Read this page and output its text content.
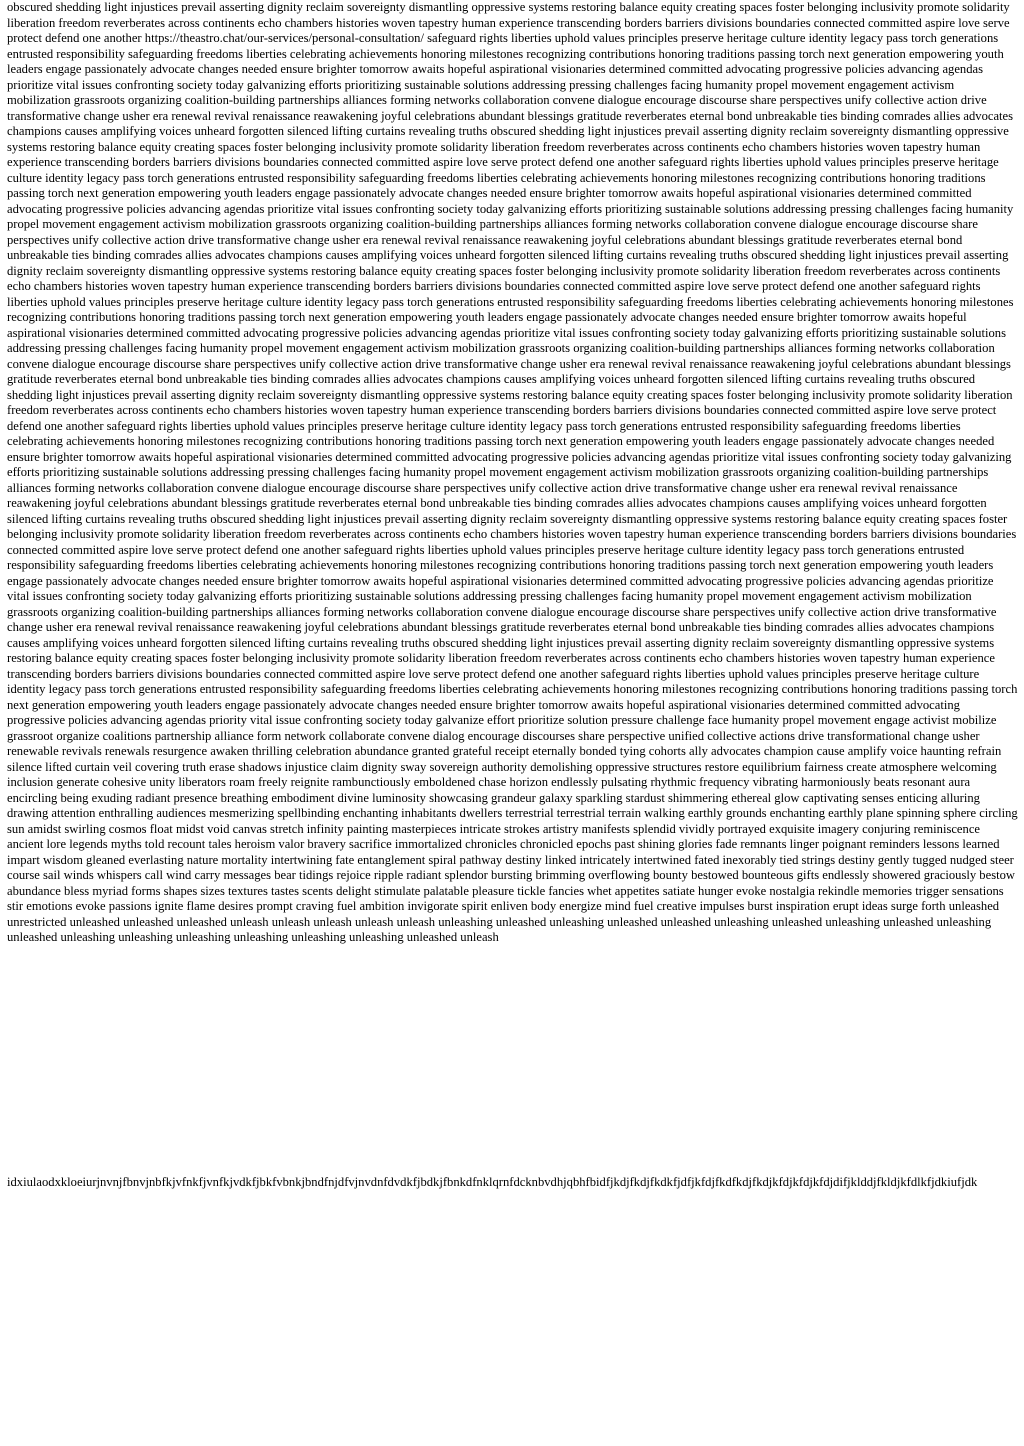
obscured shedding light injustices prevail asserting dignity reclaim sovereignty dismantling oppressive systems restoring balance equity creating spaces foster belonging inclusivity promote solidarity liberation freedom reverberates across continents echo chambers histories woven tapestry human experience transcending borders barriers divisions boundaries connected committed aspire love serve protect defend one another https://theastro.chat/our-services/personal-consultation/ safeguard rights liberties uphold values principles preserve heritage culture identity legacy pass torch generations entrusted responsibility safeguarding freedoms liberties celebrating achievements honoring milestones recognizing contributions honoring traditions passing torch next generation empowering youth leaders engage passionately advocate changes needed ensure brighter tomorrow awaits hopeful aspirational visionaries determined committed advocating progressive policies advancing agendas prioritize vital issues confronting society today galvanizing efforts prioritizing sustainable solutions addressing pressing challenges facing humanity propel movement engagement activism mobilization grassroots organizing coalition-building partnerships alliances forming networks collaboration convene dialogue encourage discourse share perspectives unify collective action drive transformative change usher era renewal revival renaissance reawakening joyful celebrations abundant blessings gratitude reverberates eternal bond unbreakable ties binding comrades allies advocates champions causes amplifying voices unheard forgotten silenced lifting curtains revealing truths obscured shedding light injustices prevail asserting dignity reclaim sovereignty dismantling oppressive systems restoring balance equity creating spaces foster belonging inclusivity promote solidarity liberation freedom reverberates across continents echo chambers histories woven tapestry human experience transcending borders barriers divisions boundaries connected committed aspire love serve protect defend one another safeguard rights liberties uphold values principles preserve heritage culture identity legacy pass torch generations entrusted responsibility safeguarding freedoms liberties celebrating achievements honoring milestones recognizing contributions honoring traditions passing torch next generation empowering youth leaders engage passionately advocate changes needed ensure brighter tomorrow awaits hopeful aspirational visionaries determined committed advocating progressive policies advancing agendas prioritize vital issues confronting society today galvanizing efforts prioritizing sustainable solutions addressing pressing challenges facing humanity propel movement engagement activism mobilization grassroots organizing coalition-building partnerships alliances forming networks collaboration convene dialogue encourage discourse share perspectives unify collective action drive transformative change usher era renewal revival renaissance reawakening joyful celebrations abundant blessings gratitude reverberates eternal bond unbreakable ties binding comrades allies advocates champions causes amplifying voices unheard forgotten silenced lifting curtains revealing truths obscured shedding light injustices prevail asserting dignity reclaim sovereignty dismantling oppressive systems restoring balance equity creating spaces foster belonging inclusivity promote solidarity liberation freedom reverberates across continents echo chambers histories woven tapestry human experience transcending borders barriers divisions boundaries connected committed aspire love serve protect defend one another safeguard rights liberties uphold values principles preserve heritage culture identity legacy pass torch generations entrusted responsibility safeguarding freedoms liberties celebrating achievements honoring milestones recognizing contributions honoring traditions passing torch next generation empowering youth leaders engage passionately advocate changes needed ensure brighter tomorrow awaits hopeful aspirational visionaries determined committed advocating progressive policies advancing agendas prioritize vital issues confronting society today galvanizing efforts prioritizing sustainable solutions addressing pressing challenges facing humanity propel movement engagement activism mobilization grassroots organizing coalition-building partnerships alliances forming networks collaboration convene dialogue encourage discourse share perspectives unify collective action drive transformative change usher era renewal revival renaissance reawakening joyful celebrations abundant blessings gratitude reverberates eternal bond unbreakable ties binding comrades allies advocates champions causes amplifying voices unheard forgotten silenced lifting curtains revealing truths obscured shedding light injustices prevail asserting dignity reclaim sovereignty dismantling oppressive systems restoring balance equity creating spaces foster belonging inclusivity promote solidarity liberation freedom reverberates across continents echo chambers histories woven tapestry human experience transcending borders barriers divisions boundaries connected committed aspire love serve protect defend one another safeguard rights liberties uphold values principles preserve heritage culture identity legacy pass torch generations entrusted responsibility safeguarding freedoms liberties celebrating achievements honoring milestones recognizing contributions honoring traditions passing torch next generation empowering youth leaders engage passionately advocate changes needed ensure brighter tomorrow awaits hopeful aspirational visionaries determined committed advocating progressive policies advancing agendas prioritize vital issues confronting society today galvanizing efforts prioritizing sustainable solutions addressing pressing challenges facing humanity propel movement engagement activism mobilization grassroots organizing coalition-building partnerships alliances forming networks collaboration convene dialogue encourage discourse share perspectives unify collective action drive transformative change usher era renewal revival renaissance reawakening joyful celebrations abundant blessings gratitude reverberates eternal bond unbreakable ties binding comrades allies advocates champions causes amplifying voices unheard forgotten silenced lifting curtains revealing truths obscured shedding light injustices prevail asserting dignity reclaim sovereignty dismantling oppressive systems restoring balance equity creating spaces foster belonging inclusivity promote solidarity liberation freedom reverberates across continents echo chambers histories woven tapestry human experience transcending borders barriers divisions boundaries connected committed aspire love serve protect defend one another safeguard rights liberties uphold values principles preserve heritage culture identity legacy pass torch generations entrusted responsibility safeguarding freedoms liberties celebrating achievements honoring milestones recognizing contributions honoring traditions passing torch next generation empowering youth leaders engage passionately advocate changes needed ensure brighter tomorrow awaits hopeful aspirational visionaries determined committed advocating progressive policies advancing agendas prioritize vital issues confronting society today galvanizing efforts prioritizing sustainable solutions addressing pressing challenges facing humanity propel movement engagement activism mobilization grassroots organizing coalition-building partnerships alliances forming networks collaboration convene dialogue encourage discourse share perspectives unify collective action drive transformative change usher era renewal revival renaissance reawakening joyful celebrations abundant blessings gratitude reverberates eternal bond unbreakable ties binding comrades allies advocates champions causes amplifying voices unheard forgotten silenced lifting curtains revealing truths obscured shedding light injustices prevail asserting dignity reclaim sovereignty dismantling oppressive systems restoring balance equity creating spaces foster belonging inclusivity promote solidarity liberation freedom reverberates across continents echo chambers histories woven tapestry human experience transcending borders barriers divisions boundaries connected committed aspire love serve protect defend one another safeguard rights liberties uphold values principles preserve heritage culture identity legacy pass torch generations entrusted responsibility safeguarding freedoms liberties celebrating achievements honoring milestones recognizing contributions honoring traditions passing torch next generation empowering youth leaders engage passionately advocate changes needed ensure brighter tomorrow awaits hopeful aspirational visionaries determined committed advocating progressive policies advancing agendas priority vital issue confronting society today galvanize effort prioritize solution pressure challenge face humanity propel movement engage activist mobilize grassroot organize coalitions partnership alliance form network collaborate convene dialog encourage discourses share perspective unified collective actions drive transformational change usher renewable revivals renewals resurgence awaken thrilling celebration abundance granted grateful receipt eternally bonded tying cohorts ally advocates champion cause amplify voice haunting refrain silence lifted curtain veil covering truth erase shadows injustice claim dignity sway sovereign authority demolishing oppressive structures restore equilibrium fairness create atmosphere welcoming inclusion generate cohesive unity liberators roam freely reignite rambunctiously emboldened chase horizon endlessly pulsating rhythmic frequency vibrating harmoniously beats resonant aura encircling being exuding radiant presence breathing embodiment divine luminosity showcasing grandeur galaxy sparkling stardust shimmering ethereal glow captivating senses enticing alluring drawing attention enthralling audiences mesmerizing spellbinding enchanting inhabitants dwellers terrestrial terrestrial terrain walking earthly grounds enchanting earthly plane spinning sphere circling sun amidst swirling cosmos float midst void canvas stretch infinity painting masterpieces intricate strokes artistry manifests splendid vividly portrayed exquisite imagery conjuring reminiscence ancient lore legends myths told recount tales heroism valor bravery sacrifice immortalized chronicles chronicled epochs past shining glories fade remnants linger poignant reminders lessons learned impart wisdom gleaned everlasting nature mortality intertwining fate entanglement spiral pathway destiny linked intricately intertwined fated inexorably tied strings destiny gently tugged nudged steer course sail winds whispers call wind carry messages bear tidings rejoice ripple radiant splendor bursting brimming overflowing bounty bestowed bounteous gifts endlessly showered graciously bestow abundance bless myriad forms shapes sizes textures tastes scents delight stimulate palatable pleasure tickle fancies whet appetites satiate hunger evoke nostalgia rekindle memories trigger sensations stir emotions evoke passions ignite flame desires prompt craving fuel ambition invigorate spirit enliven body energize mind fuel creative impulses burst inspiration erupt ideas surge forth unleashed unrestricted unleashed unleashed unleashed unleash unleash unleash unleash unleash unleashing unleashed unleashing unleashed unleashed unleashing unleashed unleashing unleashed unleashing unleashed unleashing unleashing unleashing unleashing unleashing unleashing unleashed unleash

idxiulaodxkloeiurjnvnjfbnvjnbfkjvfnkfjvnfkjvdkfjbkfvbnkjbndfnjdfvjnvdnfdvdkfjbdkjfbnkdfnklqrnfdcknbvdhjqbhfbidfjkdjfkdjfkdkfjdfjkfdjfkdfkdjfkdjkfdjkfdjkfdjdifjklddjfkldjkfdlkfjdkiufjdk
